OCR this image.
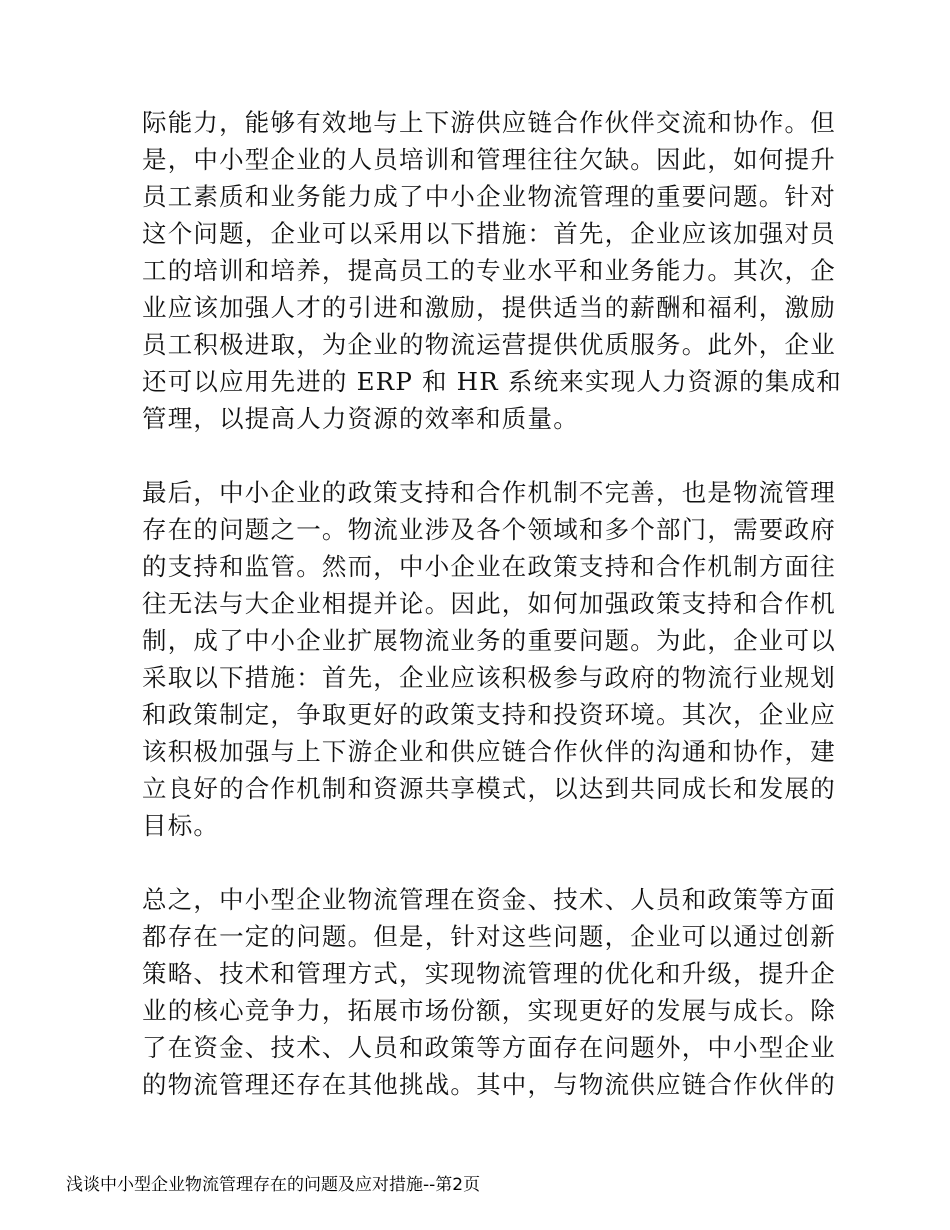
际能力，能够有效地与上下游供应链合作伙伴交流和协作。但
是，中小型企业的人员培训和管理往往欠缺。因此，如何提升
员工素质和业务能力成了中小企业物流管理的重要问题。针对
这个问题，企业可以采用以下措施：首先，企业应该加强对员
工的培训和培养，提高员工的专业水平和业务能力。其次，企
业应该加强人才的引进和激励，提供适当的薪酬和福利，激励
员工积极进取，为企业的物流运营提供优质服务。此外，企业
还可以应用先进的 ERP 和 HR 系统来实现人力资源的集成和
管理，以提高人力资源的效率和质量。
最后，中小企业的政策支持和合作机制不完善，也是物流管理
存在的问题之一。物流业涉及各个领域和多个部门，需要政府
的支持和监管。然而，中小企业在政策支持和合作机制方面往
往无法与大企业相提并论。因此，如何加强政策支持和合作机
制，成了中小企业扩展物流业务的重要问题。为此，企业可以
采取以下措施：首先，企业应该积极参与政府的物流行业规划
和政策制定，争取更好的政策支持和投资环境。其次，企业应
该积极加强与上下游企业和供应链合作伙伴的沟通和协作，建
立良好的合作机制和资源共享模式，以达到共同成长和发展的
目标。
总之，中小型企业物流管理在资金、技术、人员和政策等方面
都存在一定的问题。但是，针对这些问题，企业可以通过创新
策略、技术和管理方式，实现物流管理的优化和升级，提升企
业的核心竞争力，拓展市场份额，实现更好的发展与成长。除
了在资金、技术、人员和政策等方面存在问题外，中小型企业
的物流管理还存在其他挑战。其中，与物流供应链合作伙伴的
浅谈中小型企业物流管理存在的问题及应对措施--第2页
